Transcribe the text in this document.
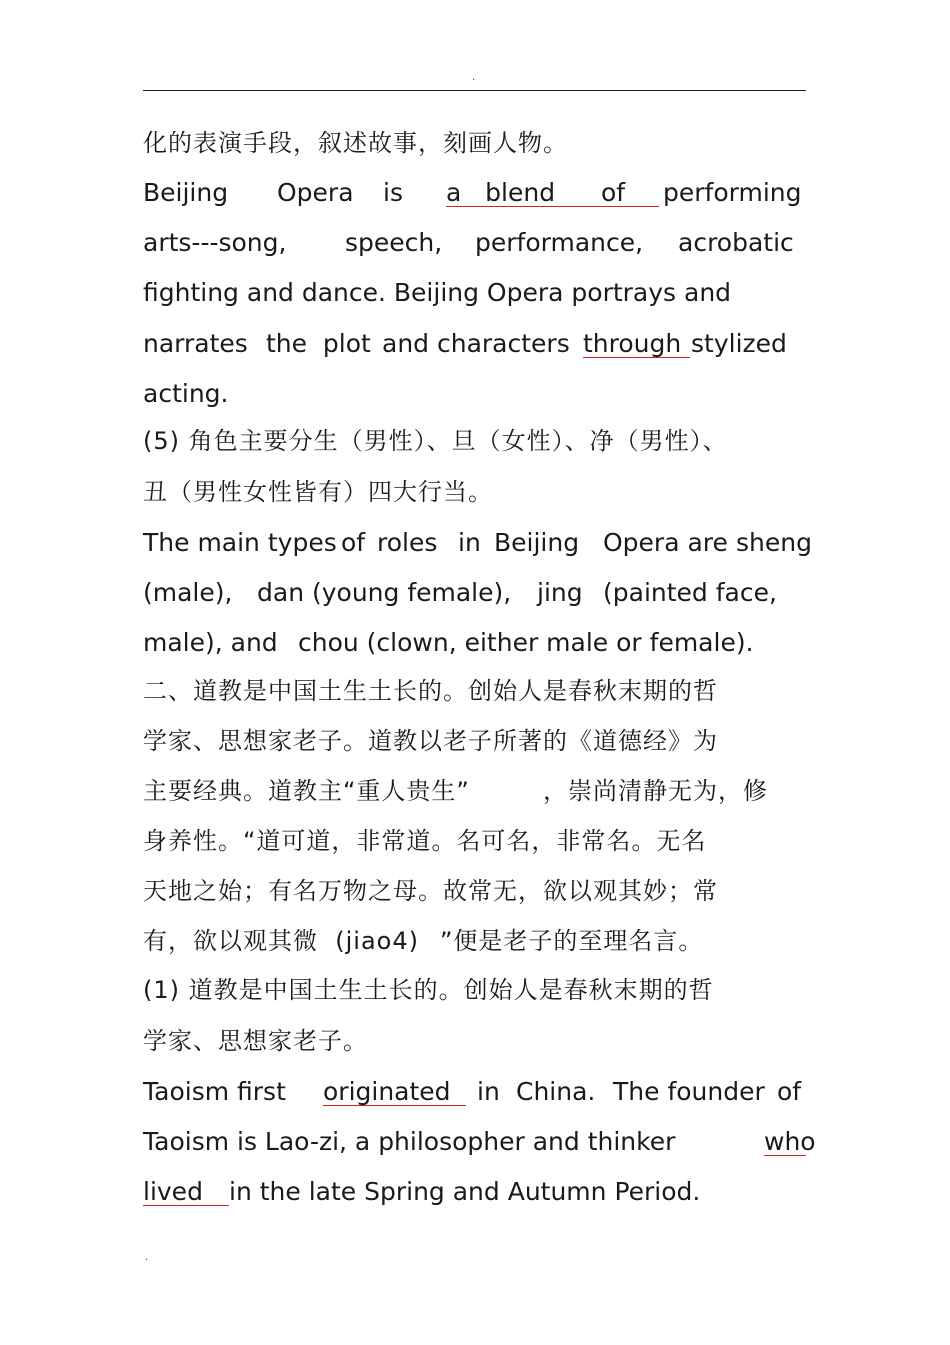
.
化的表演手段，叙述故事，刻画人物。
Beijing Opera is a   blend of performing
arts---song, speech, performance, acrobatic
fighting and dance. Beijing Opera portrays and
narrates the  plot and characters through stylized
acting.
(5) 角色主要分生（男性）、旦（女性）、净（男性）、
丑（男性女性皆有）四大行当。
The main types of roles in Beijing Opera are sheng
(male), dan (young female), jing (painted face,
male), and chou (clown, either male or female).
二、道教是中国土生土长的。创始人是春秋末期的哲
学家、思想家老子。道教以老子所著的《道德经》为
主要经典。道教主“重人贵生”	，崇尚清静无为，修
身养性。“道可道，非常道。名可名，非常名。无名
天地之始；有名万物之母。故常无，欲以观其妙；常
有，欲以观其微  (jiao4) ”便是老子的至理名言。
(1) 道教是中国土生土长的。创始人是春秋末期的哲
学家、思想家老子。
Taoism first originated in China. The founder of
Taoism is Lao-zi, a philosopher and thinker	who
lived in the late Spring and Autumn Period.
.
